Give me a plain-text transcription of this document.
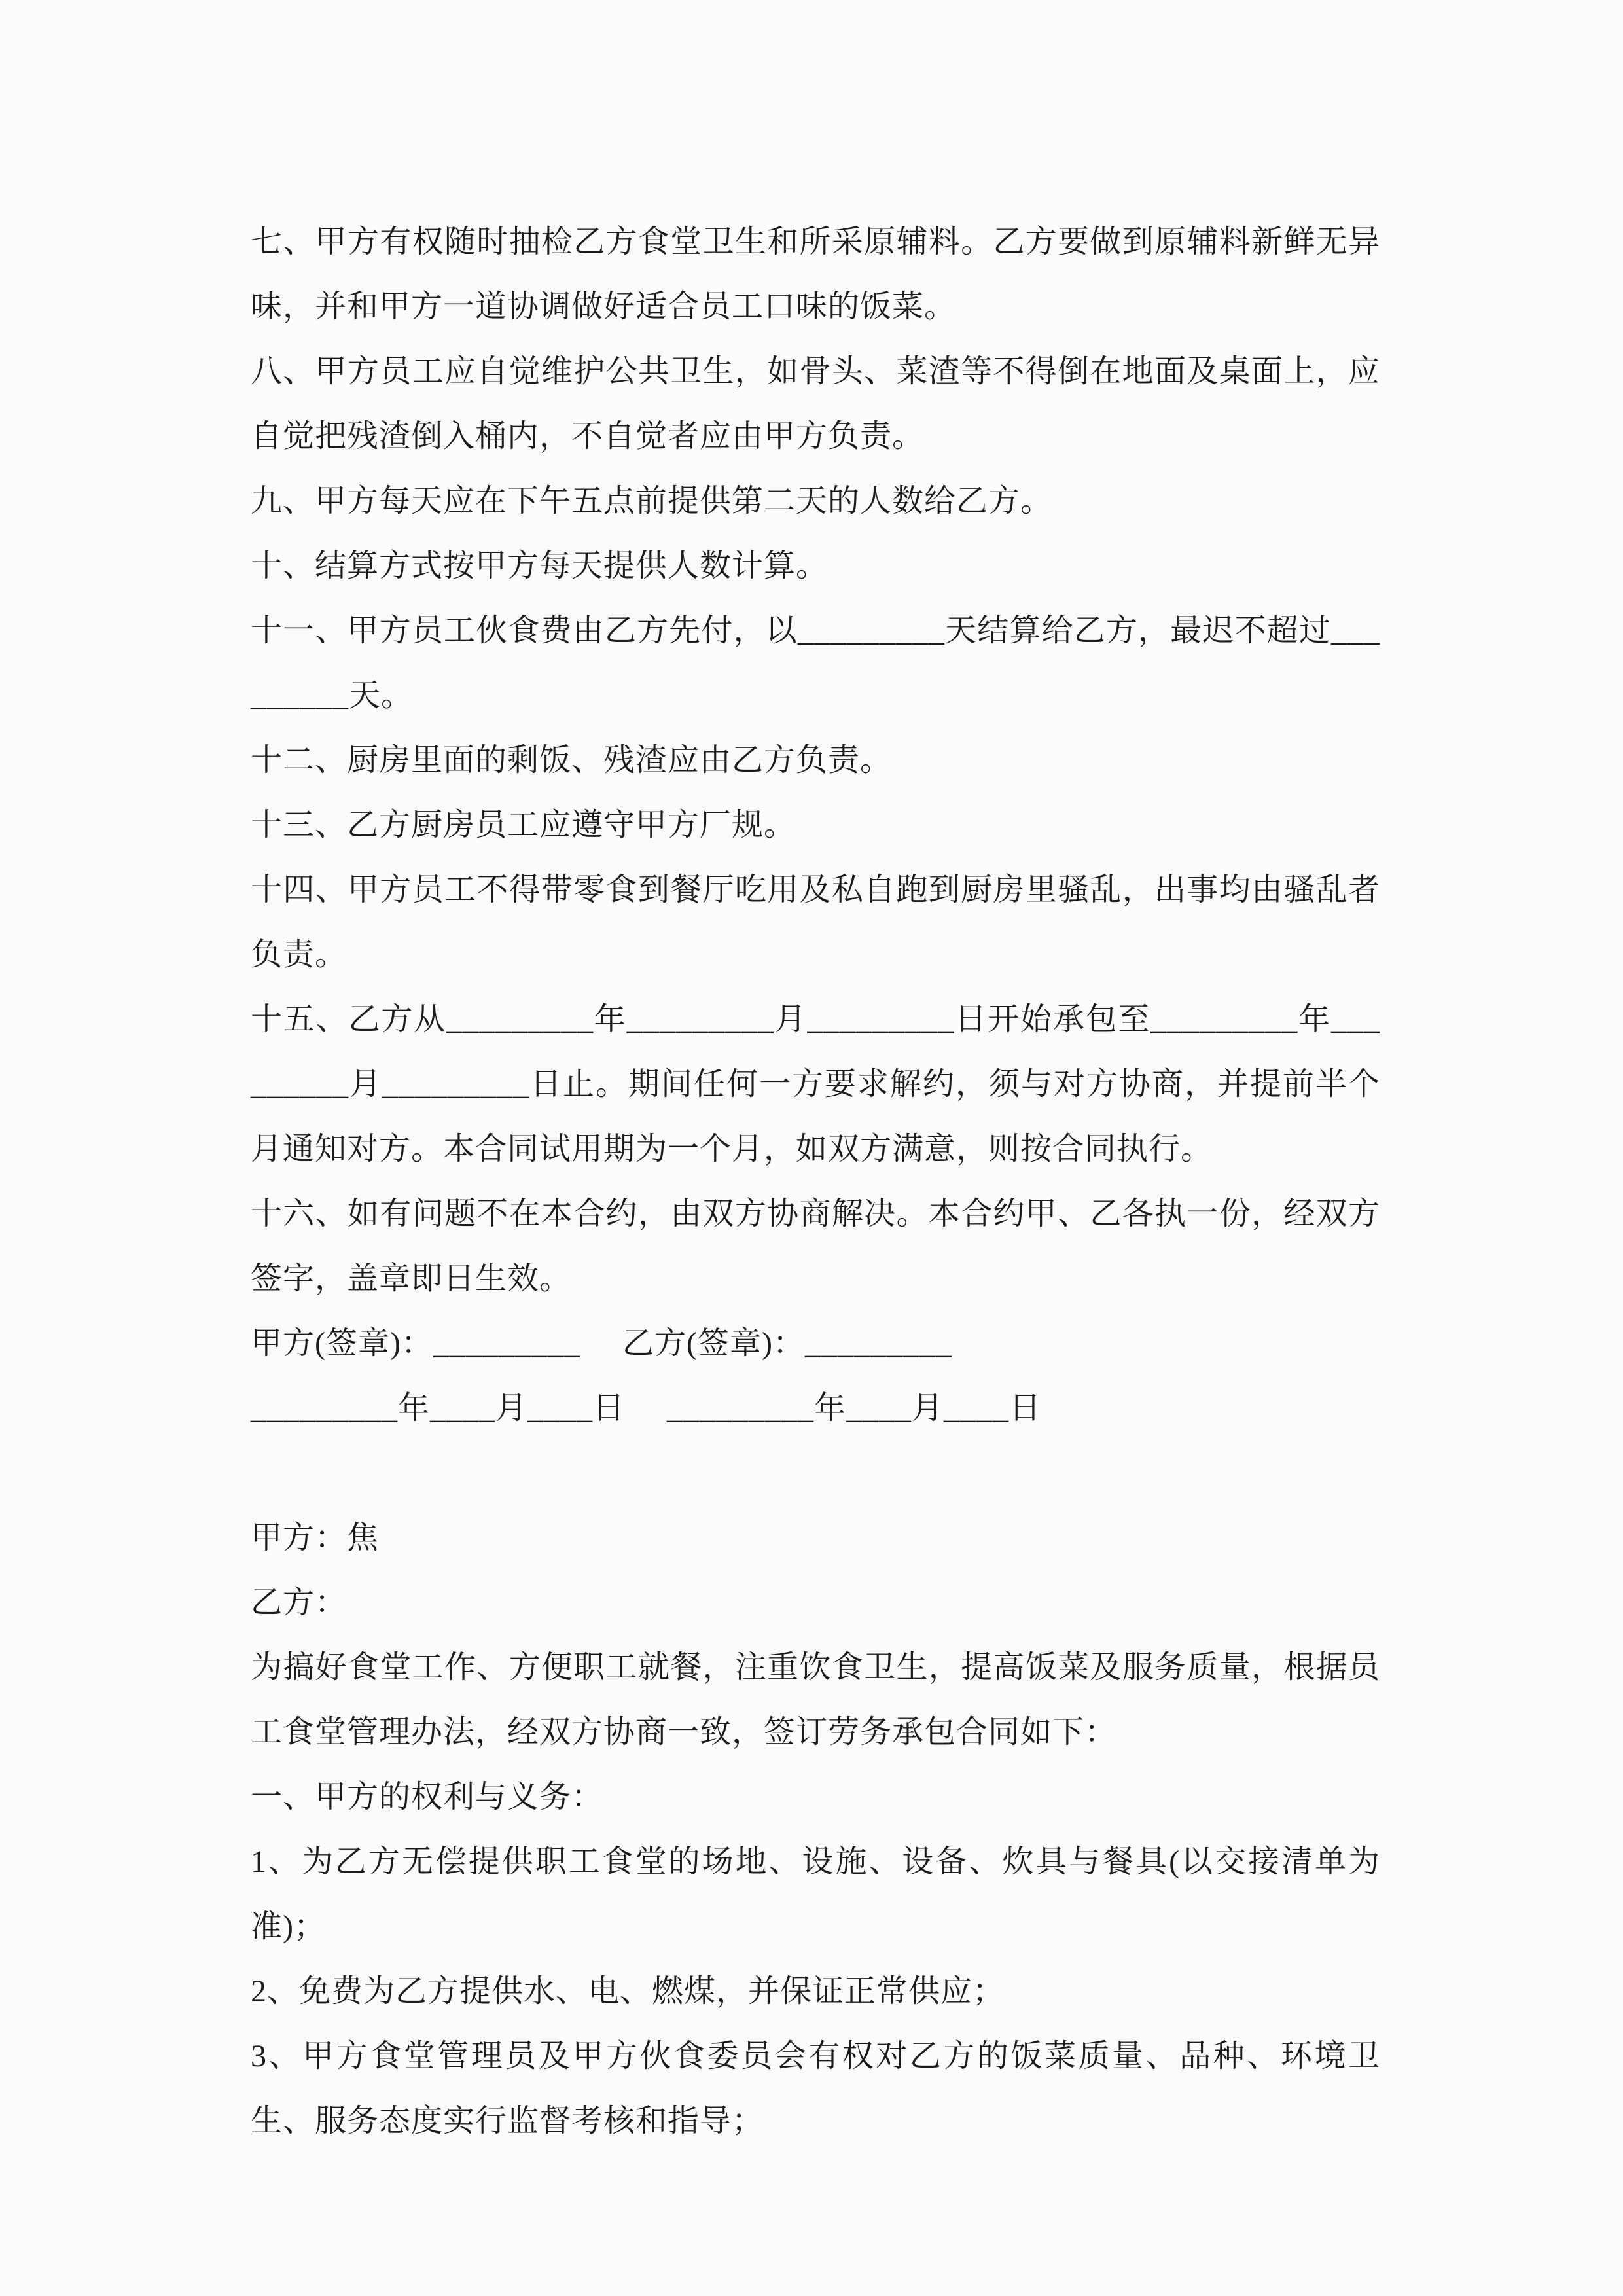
七、甲方有权随时抽检乙方食堂卫生和所采原辅料。乙方要做到原辅料新鲜无异味，并和甲方一道协调做好适合员工口味的饭菜。

八、甲方员工应自觉维护公共卫生，如骨头、菜渣等不得倒在地面及桌面上，应自觉把残渣倒入桶内，不自觉者应由甲方负责。

九、甲方每天应在下午五点前提供第二天的人数给乙方。

十、结算方式按甲方每天提供人数计算。

十一、甲方员工伙食费由乙方先付，以_________天结算给乙方，最迟不超过_________天。

十二、厨房里面的剩饭、残渣应由乙方负责。

十三、乙方厨房员工应遵守甲方厂规。

十四、甲方员工不得带零食到餐厅吃用及私自跑到厨房里骚乱，出事均由骚乱者负责。

十五、乙方从_________年_________月_________日开始承包至_________年_________月_________日止。期间任何一方要求解约，须与对方协商，并提前半个月通知对方。本合同试用期为一个月，如双方满意，则按合同执行。

十六、如有问题不在本合约，由双方协商解决。本合约甲、乙各执一份，经双方签字，盖章即日生效。

甲方(签章)：_________ 乙方(签章)：_________

_________年____月____日 _________年____月____日

甲方：焦

乙方：

为搞好食堂工作、方便职工就餐，注重饮食卫生，提高饭菜及服务质量，根据员工食堂管理办法，经双方协商一致，签订劳务承包合同如下：

一、甲方的权利与义务：

1、为乙方无偿提供职工食堂的场地、设施、设备、炊具与餐具(以交接清单为准)；

2、免费为乙方提供水、电、燃煤，并保证正常供应；

3、甲方食堂管理员及甲方伙食委员会有权对乙方的饭菜质量、品种、环境卫生、服务态度实行监督考核和指导；
